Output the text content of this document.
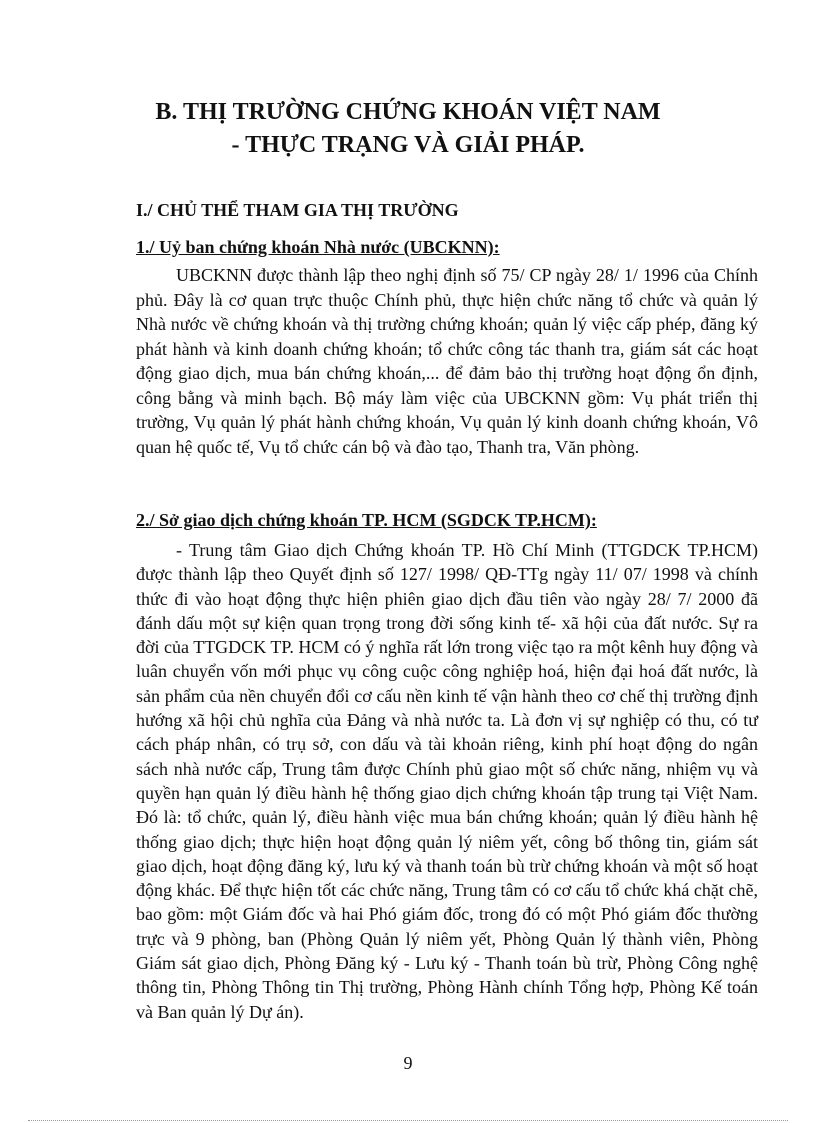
B. THỊ TRƯỜNG CHỨNG KHOÁN VIỆT NAM
- THỰC TRẠNG VÀ GIẢI PHÁP.
I./ CHỦ THỂ THAM GIA THỊ TRƯỜNG
1./ Uỷ ban chứng khoán Nhà nước (UBCKNN):
UBCKNN được thành lập theo nghị định số 75/ CP ngày 28/ 1/ 1996 của Chính phủ. Đây là cơ quan trực thuộc Chính phủ, thực hiện chức năng tổ chức và quản lý Nhà nước về chứng khoán và thị trường chứng khoán; quản lý việc cấp phép, đăng ký phát hành và kinh doanh chứng khoán; tổ chức công tác thanh tra, giám sát các hoạt động giao dịch, mua bán chứng khoán,... để đảm bảo thị trường hoạt động ổn định, công bằng và minh bạch. Bộ máy làm việc của UBCKNN gồm: Vụ phát triển thị trường, Vụ quản lý phát hành chứng khoán, Vụ quản lý kinh doanh chứng khoán, Vô quan hệ quốc tế, Vụ tổ chức cán bộ và đào tạo, Thanh tra, Văn phòng.
2./ Sở giao dịch chứng khoán TP. HCM (SGDCK TP.HCM):
- Trung tâm Giao dịch Chứng khoán TP. Hồ Chí Minh (TTGDCK TP.HCM) được thành lập theo Quyết định số 127/ 1998/ QĐ-TTg ngày 11/ 07/ 1998 và chính thức đi vào hoạt động thực hiện phiên giao dịch đầu tiên vào ngày 28/ 7/ 2000 đã đánh dấu một sự kiện quan trọng trong đời sống kinh tế- xã hội của đất nước. Sự ra đời của TTGDCK TP. HCM có ý nghĩa rất lớn trong việc tạo ra một kênh huy động và luân chuyển vốn mới phục vụ công cuộc công nghiệp hoá, hiện đại hoá đất nước, là sản phẩm của nền chuyển đổi cơ cấu nền kinh tế vận hành theo cơ chế thị trường định hướng xã hội chủ nghĩa của Đảng và nhà nước ta. Là đơn vị sự nghiệp có thu, có tư cách pháp nhân, có trụ sở, con dấu và tài khoản riêng, kinh phí hoạt động do ngân sách nhà nước cấp, Trung tâm được Chính phủ giao một số chức năng, nhiệm vụ và quyền hạn quản lý điều hành hệ thống giao dịch chứng khoán tập trung tại Việt Nam. Đó là: tổ chức, quản lý, điều hành việc mua bán chứng khoán; quản lý điều hành hệ thống giao dịch; thực hiện hoạt động quản lý niêm yết, công bố thông tin, giám sát giao dịch, hoạt động đăng ký, lưu ký và thanh toán bù trừ chứng khoán và một số hoạt động khác. Để thực hiện tốt các chức năng, Trung tâm có cơ cấu tổ chức khá chặt chẽ, bao gồm: một Giám đốc và hai Phó giám đốc, trong đó có một Phó giám đốc thường trực và 9 phòng, ban (Phòng Quản lý niêm yết, Phòng Quản lý thành viên, Phòng Giám sát giao dịch, Phòng Đăng ký - Lưu ký - Thanh toán bù trừ, Phòng Công nghệ thông tin, Phòng Thông tin Thị trường, Phòng Hành chính Tổng hợp, Phòng Kế toán và Ban quản lý Dự án).
9
